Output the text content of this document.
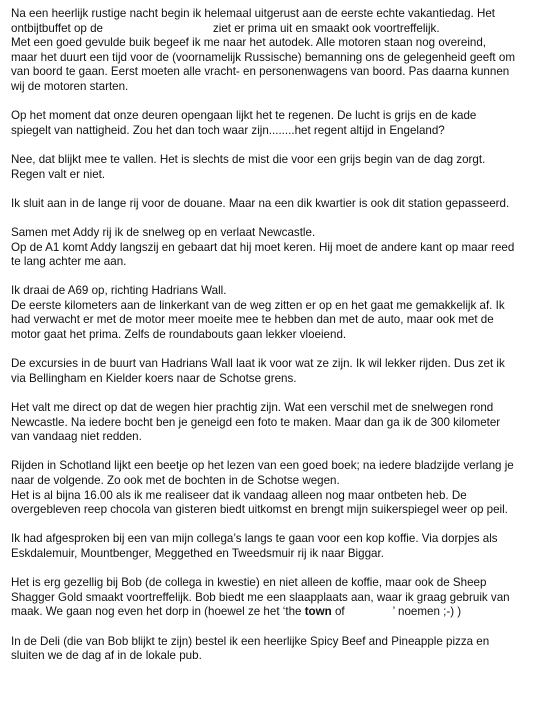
Na een heerlijk rustige nacht begin ik helemaal uitgerust aan de eerste echte vakantiedag. Het
ontbijtbuffet op de	ziet er prima uit en smaakt ook voortreffelijk.
Met een goed gevulde buik begeef ik me naar het autodek. Alle motoren staan nog overeind,
maar het duurt een tijd voor de (voornamelijk Russische) bemanning ons de gelegenheid geeft om
van boord te gaan. Eerst moeten alle vracht- en personenwagens van boord. Pas daarna kunnen
wij de motoren starten.

Op het moment dat onze deuren opengaan lijkt het te regenen. De lucht is grijs en de kade
spiegelt van nattigheid. Zou het dan toch waar zijn........het regent altijd in Engeland?

Nee, dat blijkt mee te vallen. Het is slechts de mist die voor een grijs begin van de dag zorgt.
Regen valt er niet.

Ik sluit aan in de lange rij voor de douane. Maar na een dik kwartier is ook dit station gepasseerd.

Samen met Addy rij ik de snelweg op en verlaat Newcastle.
Op de A1 komt Addy langszij en gebaart dat hij moet keren. Hij moet de andere kant op maar reed
te lang achter me aan.

Ik draai de A69 op, richting Hadrians Wall.
De eerste kilometers aan de linkerkant van de weg zitten er op en het gaat me gemakkelijk af. Ik
had verwacht er met de motor meer moeite mee te hebben dan met de auto, maar ook met de
motor gaat het prima. Zelfs de roundabouts gaan lekker vloeiend.

De excursies in de buurt van Hadrians Wall laat ik voor wat ze zijn. Ik wil lekker rijden. Dus zet ik
via Bellingham en Kielder koers naar de Schotse grens.

Het valt me direct op dat de wegen hier prachtig zijn. Wat een verschil met de snelwegen rond
Newcastle. Na iedere bocht ben je geneigd een foto te maken. Maar dan ga ik de 300 kilometer
van vandaag niet redden.

Rijden in Schotland lijkt een beetje op het lezen van een goed boek; na iedere bladzijde verlang je
naar de volgende. Zo ook met de bochten in de Schotse wegen.
Het is al bijna 16.00 als ik me realiseer dat ik vandaag alleen nog maar ontbeten heb. De
overgebleven reep chocola van gisteren biedt uitkomst en brengt mijn suikerspiegel weer op peil.

Ik had afgesproken bij een van mijn collega’s langs te gaan voor een kop koffie. Via dorpjes als
Eskdalemuir, Mountbenger, Meggethed en Tweedsmuir rij ik naar Biggar.

Het is erg gezellig bij Bob (de collega in kwestie) en niet alleen de koffie, maar ook de Sheep
Shagger Gold smaakt voortreffelijk. Bob biedt me een slaapplaats aan, waar ik graag gebruik van
maak. We gaan nog even het dorp in (hoewel ze het ‘the town of	’ noemen ;-) )

In de Deli (die van Bob blijkt te zijn) bestel ik een heerlijke Spicy Beef and Pineapple pizza en
sluiten we de dag af in de lokale pub.
